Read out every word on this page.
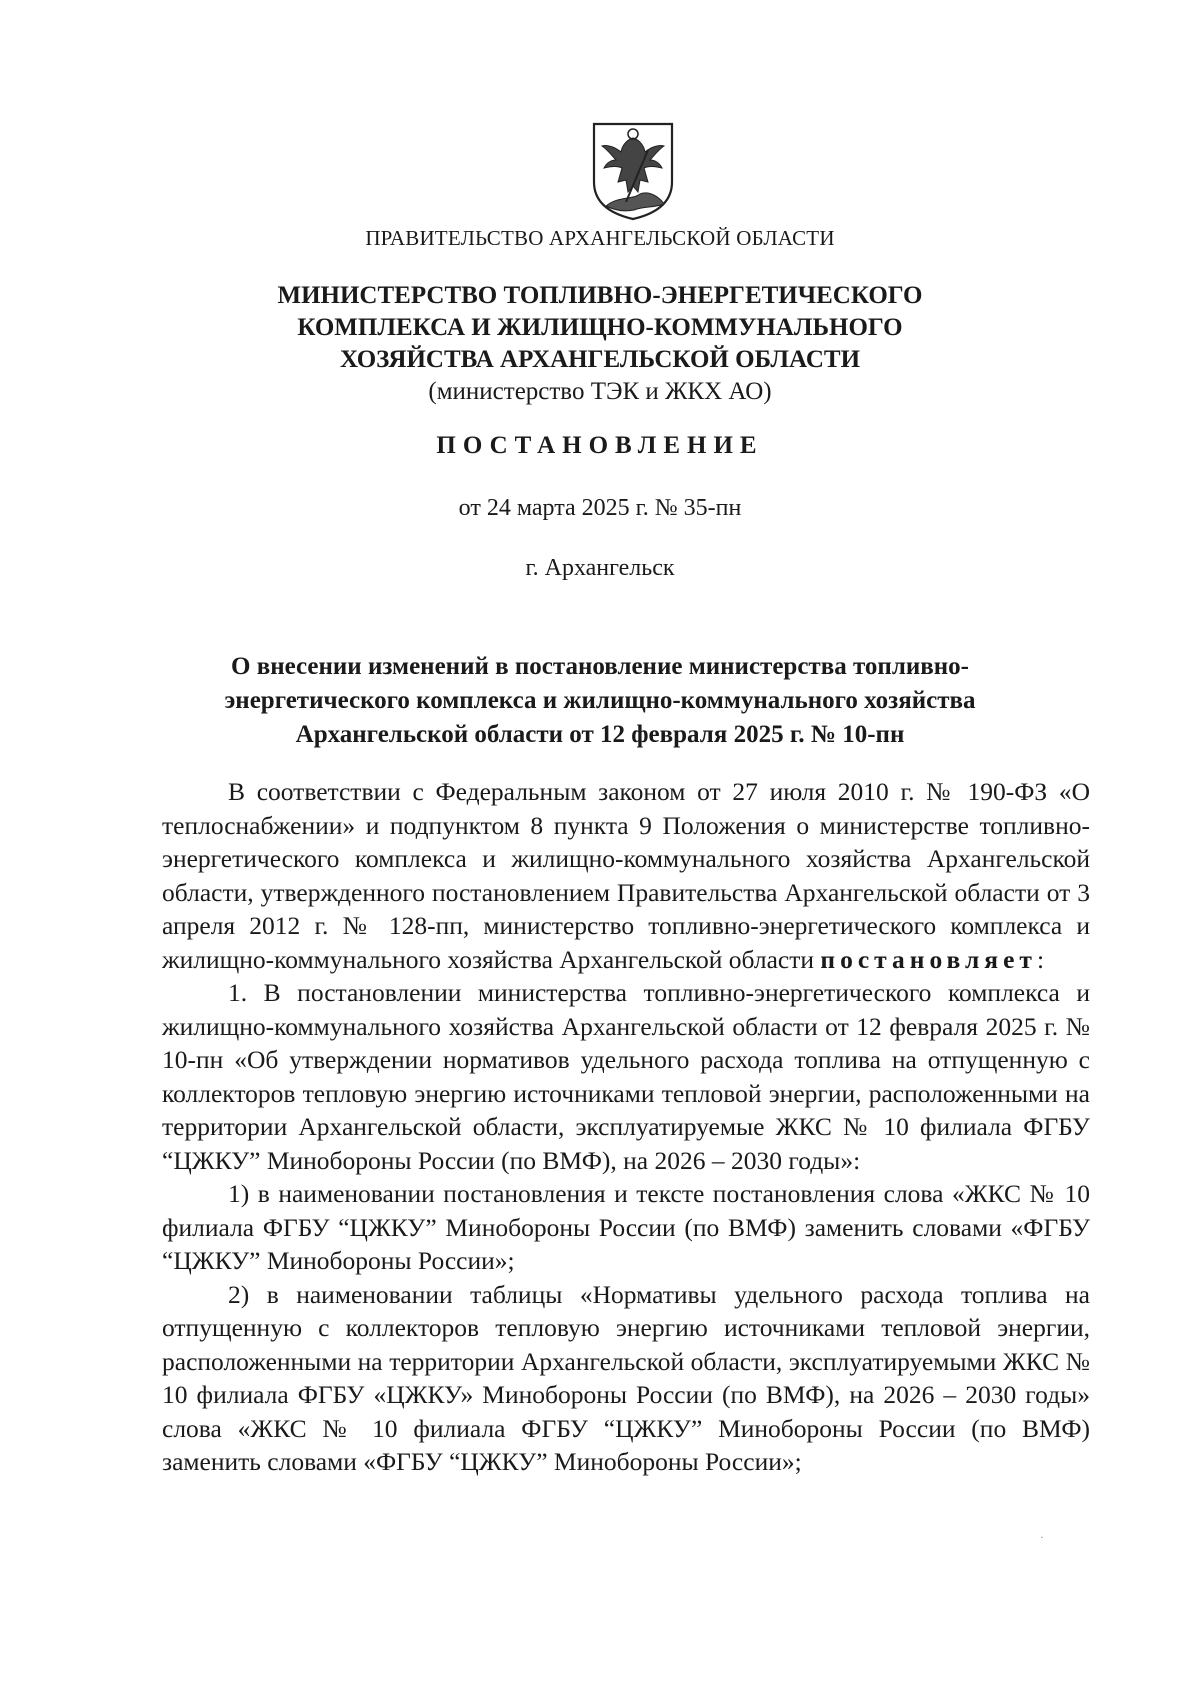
ПРАВИТЕЛЬСТВО АРХАНГЕЛЬСКОЙ ОБЛАСТИ
МИНИСТЕРСТВО ТОПЛИВНО-ЭНЕРГЕТИЧЕСКОГО
КОМПЛЕКСА И ЖИЛИЩНО-КОММУНАЛЬНОГО
ХОЗЯЙСТВА АРХАНГЕЛЬСКОЙ ОБЛАСТИ
(министерство ТЭК и ЖКХ АО)
ПОСТАНОВЛЕНИЕ
от 24 марта 2025 г. № 35-пн
г. Архангельск
О внесении изменений в постановление министерства топливно-
энергетического комплекса и жилищно-коммунального хозяйства
Архангельской области от 12 февраля 2025 г. № 10-пн

В соответствии с Федеральным законом от 27 июля 2010 г. № 190-ФЗ «О теплоснабжении» и подпунктом 8 пункта 9 Положения о министерстве топливно-энергетического комплекса и жилищно-коммунального хозяйства Архангельской области, утвержденного постановлением Правительства Архангельской области от 3 апреля 2012 г. № 128-пп, министерство топливно-энергетического комплекса и жилищно-коммунального хозяйства Архангельской области постановляет:

1. В постановлении министерства топливно-энергетического комплекса и жилищно-коммунального хозяйства Архангельской области от 12 февраля 2025 г. № 10-пн «Об утверждении нормативов удельного расхода топлива на отпущенную с коллекторов тепловую энергию источниками тепловой энергии, расположенными на территории Архангельской области, эксплуатируемые ЖКС № 10 филиала ФГБУ “ЦЖКУ” Минобороны России (по ВМФ), на 2026 – 2030 годы»:

1) в наименовании постановления и тексте постановления слова «ЖКС № 10 филиала ФГБУ “ЦЖКУ” Минобороны России (по ВМФ) заменить словами «ФГБУ “ЦЖКУ” Минобороны России»;

2) в наименовании таблицы «Нормативы удельного расхода топлива на отпущенную с коллекторов тепловую энергию источниками тепловой энергии, расположенными на территории Архангельской области, эксплуатируемыми ЖКС № 10 филиала ФГБУ «ЦЖКУ» Минобороны России (по ВМФ), на 2026 – 2030 годы» слова «ЖКС № 10 филиала ФГБУ “ЦЖКУ” Минобороны России (по ВМФ) заменить словами «ФГБУ “ЦЖКУ” Минобороны России»;

·
